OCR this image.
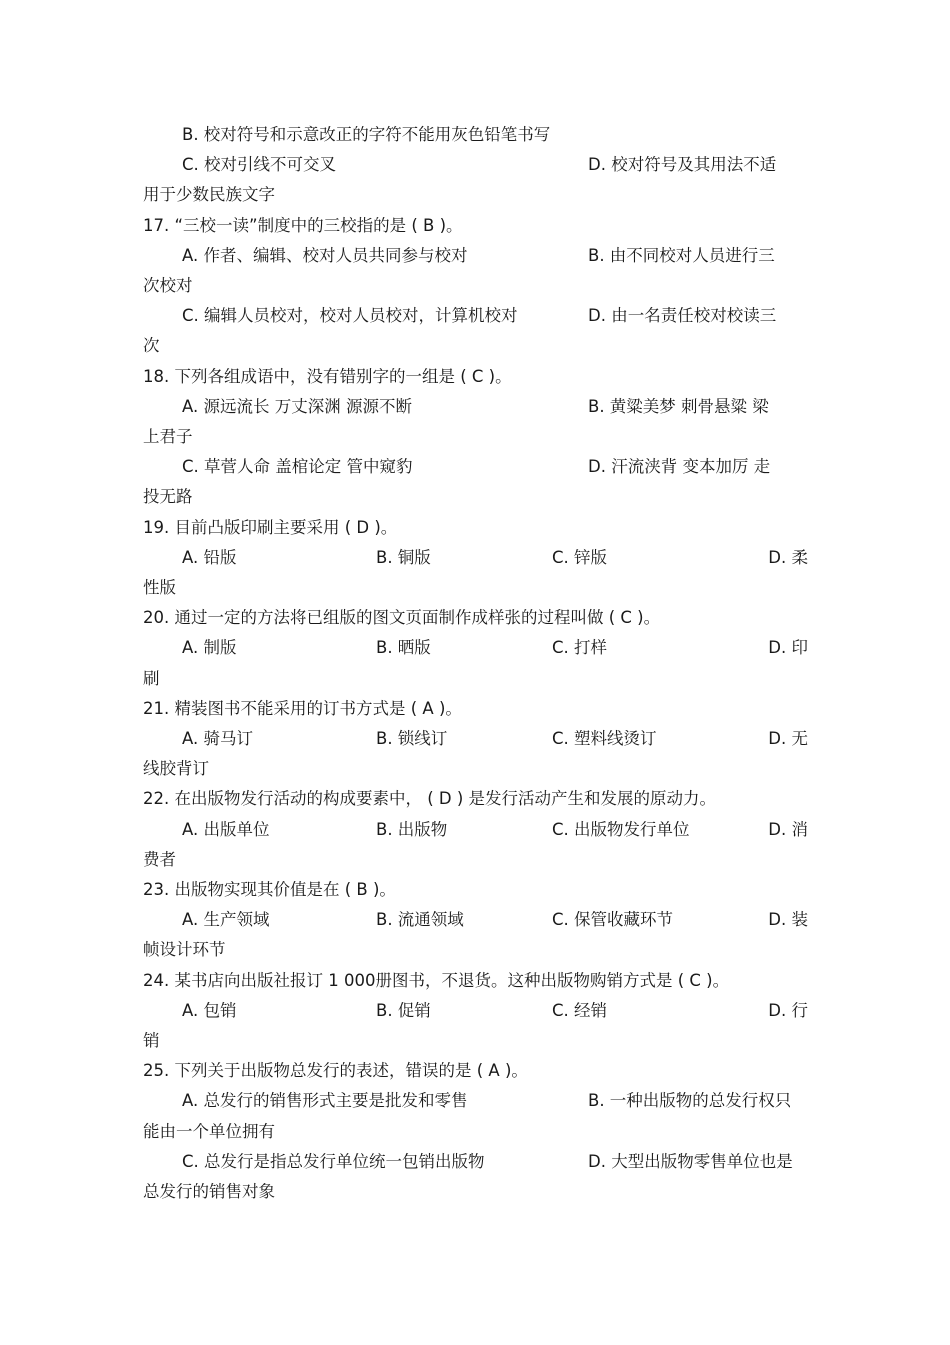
B. 校对符号和示意改正的字符不能用灰色铅笔书写
C. 校对引线不可交叉	D. 校对符号及其用法不适
用于少数民族文字
17. “三校一读”制度中的三校指的是 ( B )。
A. 作者、编辑、校对人员共同参与校对	B. 由不同校对人员进行三
次校对
C. 编辑人员校对，校对人员校对，计算机校对	D. 由一名责任校对校读三
次
18. 下列各组成语中，没有错别字的一组是 ( C )。
A. 源远流长 万丈深渊 源源不断	B. 黄粱美梦 刺骨悬粱 梁
上君子
C. 草菅人命 盖棺论定 管中窥豹	D. 汗流浃背 变本加厉 走
投无路
19. 目前凸版印刷主要采用 ( D )。
A. 铅版	B. 铜版	C. 锌版	D. 柔
性版
20. 通过一定的方法将已组版的图文页面制作成样张的过程叫做 ( C )。
A. 制版	B. 晒版	C. 打样	D. 印
刷
21. 精装图书不能采用的订书方式是 ( A )。
A. 骑马订	B. 锁线订	C. 塑料线烫订	D. 无
线胶背订
22. 在出版物发行活动的构成要素中， ( D ) 是发行活动产生和发展的原动力。
A. 出版单位	B. 出版物	C. 出版物发行单位	D. 消
费者
23. 出版物实现其价值是在 ( B )。
A. 生产领域	B. 流通领域	C. 保管收藏环节	D. 装
帧设计环节
24. 某书店向出版社报订 1 000册图书，不退货。这种出版物购销方式是 ( C )。
A. 包销	B. 促销	C. 经销	D. 行
销
25. 下列关于出版物总发行的表述，错误的是 ( A )。
A. 总发行的销售形式主要是批发和零售	B. 一种出版物的总发行权只
能由一个单位拥有
C. 总发行是指总发行单位统一包销出版物	D. 大型出版物零售单位也是
总发行的销售对象
